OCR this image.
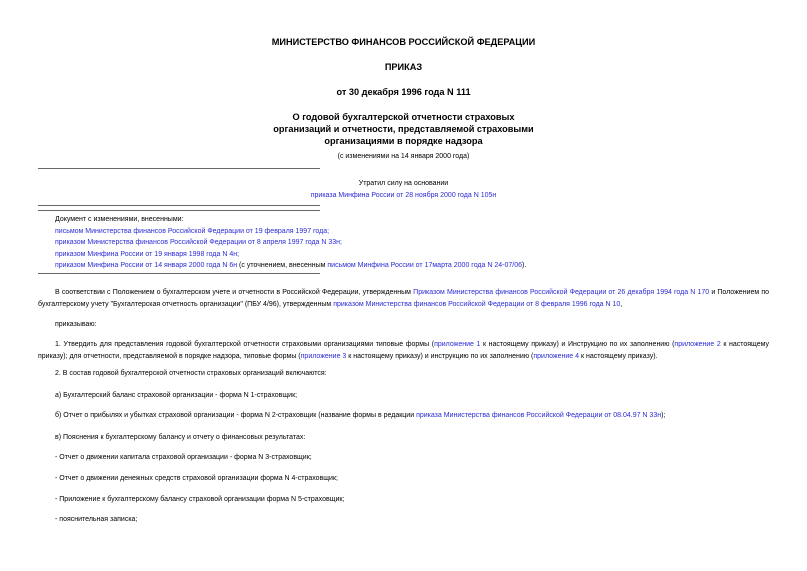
МИНИСТЕРСТВО ФИНАНСОВ РОССИЙСКОЙ ФЕДЕРАЦИИ
ПРИКАЗ
от 30 декабря 1996 года N 111
О годовой бухгалтерской отчетности страховых
организаций и отчетности, представляемой страховыми
организациями в порядке надзора
(с изменениями на 14 января 2000 года)
Утратил силу на основании
приказа Минфина России от 28 ноября 2000 года N 105н
Документ с изменениями, внесенными:
письмом Министерства финансов Российской Федерации от 19 февраля 1997 года;
приказом Министерства финансов Российской Федерации от 8 апреля 1997 года N 33н;
приказом Минфина России от 19 января 1998 года N 4н;
приказом Минфина России от 14 января 2000 года N 6н (с уточнением, внесенным письмом Минфина России от 17марта 2000 года N 24-07/06).
В соответствии с Положением о бухгалтерском учете и отчетности в Российской Федерации, утвержденным Приказом Министерства финансов Российской Федерации от 26 декабря 1994 года N 170 и Положением по бухгалтерскому учету "Бухгалтерская отчетность организации" (ПБУ 4/96), утвержденным приказом Министерства финансов Российской Федерации от 8 февраля 1996 года N 10,
приказываю:
1. Утвердить для представления годовой бухгалтерской отчетности страховыми организациями типовые формы (приложение 1 к настоящему приказу) и Инструкцию по их заполнению (приложение 2 к настоящему приказу); для отчетности, представляемой в порядке надзора, типовые формы (приложение 3 к настоящему приказу) и инструкцию по их заполнению (приложение 4 к настоящему приказу).
2. В состав годовой бухгалтерской отчетности страховых организаций включаются:
а) Бухгалтерский баланс страховой организации - форма N 1-страховщик;
б) Отчет о прибылях и убытках страховой организации - форма N 2-страховщик (название формы в редакции приказа Министерства финансов Российской Федерации от 08.04.97 N 33н);
в) Пояснения к бухгалтерскому балансу и отчету о финансовых результатах:
- Отчет о движении капитала страховой организации - форма N 3-страховщик;
- Отчет о движении денежных средств страховой организации форма N 4-страховщик;
- Приложение к бухгалтерскому балансу страховой организации форма N 5-страховщик;
- пояснительная записка;
